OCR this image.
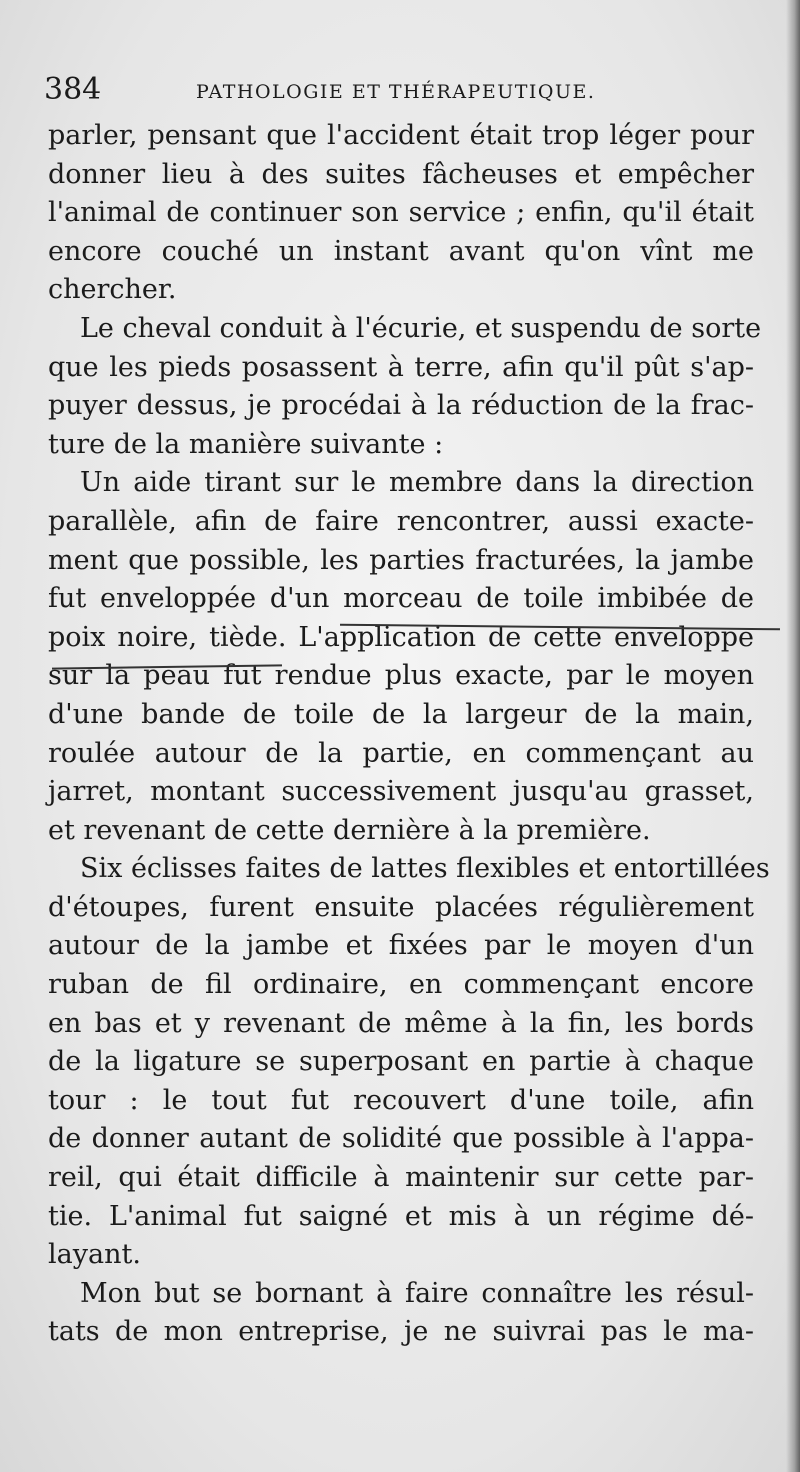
384	PATHOLOGIE ET THÉRAPEUTIQUE.

parler, pensant que l'accident était trop léger pour
donner lieu à des suites fâcheuses et empêcher
l'animal de continuer son service ; enfin, qu'il était
encore couché un instant avant qu'on vînt me
chercher.

Le cheval conduit à l'écurie, et suspendu de sorte
que les pieds posassent à terre, afin qu'il pût s'ap-
puyer dessus, je procédai à la réduction de la frac-
ture de la manière suivante :

Un aide tirant sur le membre dans la direction
parallèle, afin de faire rencontrer, aussi exacte-
ment que possible, les parties fracturées, la jambe
fut enveloppée d'un morceau de toile imbibée de
poix noire, tiède. L'application de cette enveloppe
sur la peau fut rendue plus exacte, par le moyen
d'une bande de toile de la largeur de la main,
roulée autour de la partie, en commençant au
jarret, montant successivement jusqu'au grasset,
et revenant de cette dernière à la première.

Six éclisses faites de lattes flexibles et entortillées
d'étoupes, furent ensuite placées régulièrement
autour de la jambe et fixées par le moyen d'un
ruban de fil ordinaire, en commençant encore
en bas et y revenant de même à la fin, les bords
de la ligature se superposant en partie à chaque
tour : le tout fut recouvert d'une toile, afin
de donner autant de solidité que possible à l'appa-
reil, qui était difficile à maintenir sur cette par-
tie. L'animal fut saigné et mis à un régime dé-
layant.

Mon but se bornant à faire connaître les résul-
tats de mon entreprise, je ne suivrai pas le ma-
